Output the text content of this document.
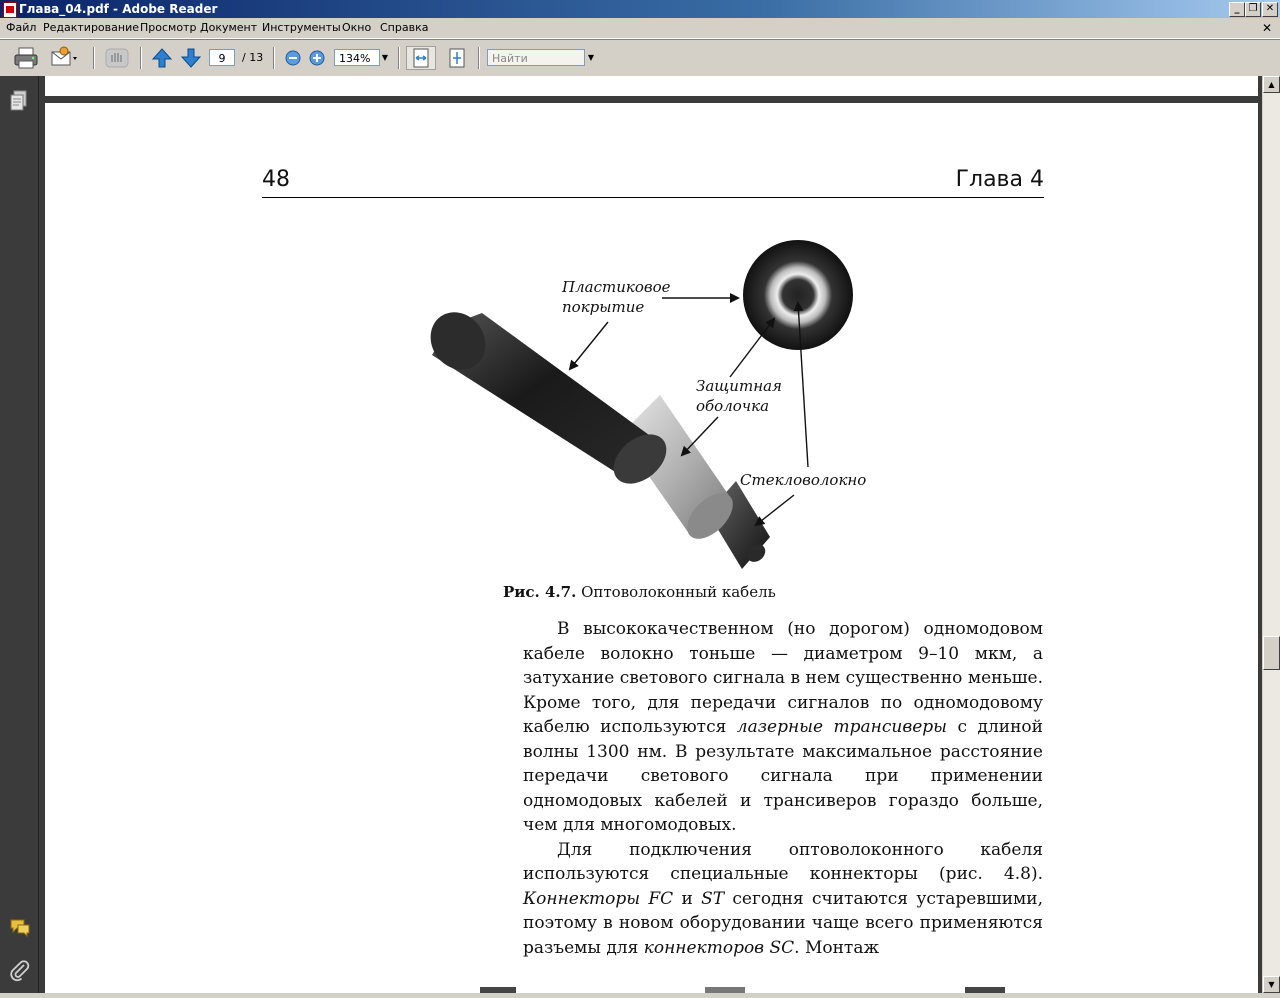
Глава_04.pdf - Adobe Reader	_ ❐ ✕
Файл Редактирование Просмотр Документ Инструменты Окно Справка	✕
9	/ 13	134%	▼	Найти	▼
48	Глава 4
Пластиковое
покрытие
Защитная
оболочка
Стекловолокно
Рис. 4.7. Оптоволоконный кабель

В высококачественном (но дорогом) одномодовом кабеле волокно тоньше — диаметром 9–10 мкм, а затухание светового сигнала в нем существенно меньше. Кроме того, для передачи сигналов по одномодовому кабелю используются лазерные трансиверы с длиной волны 1300 нм. В результате максимальное расстояние передачи светового сигнала при применении одномодовых кабелей и трансиверов гораздо больше, чем для многомодовых.

Для подключения оптоволоконного кабеля используются специальные коннекторы (рис. 4.8). Коннекторы FC и ST сегодня считаются устаревшими, поэтому в новом оборудовании чаще всего применяются разъемы для коннекторов SC. Монтаж

▲
▼
